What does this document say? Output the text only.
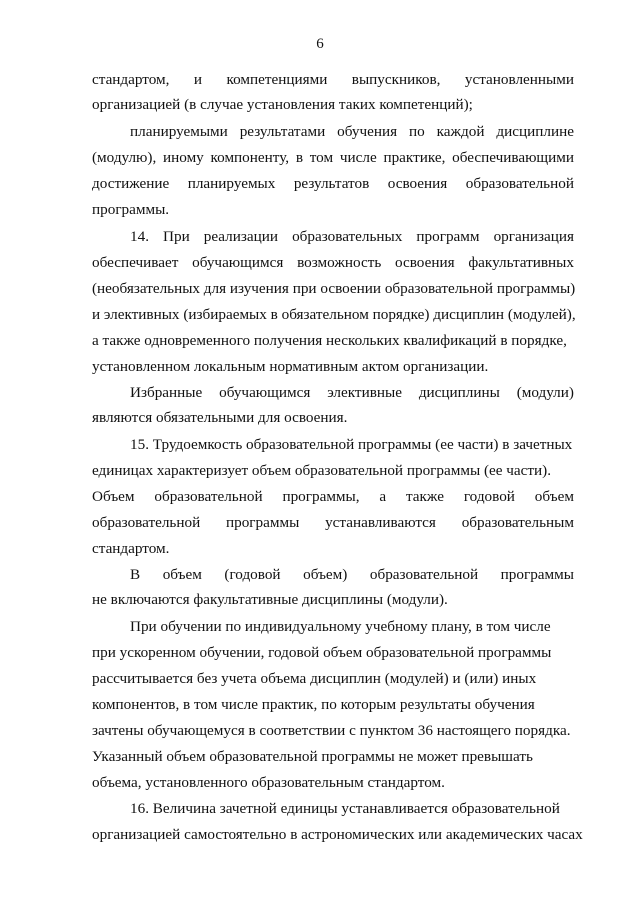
6
стандартом, и компетенциями выпускников, установленными
организацией (в случае установления таких компетенций);
планируемыми результатами обучения по каждой дисциплине
(модулю), иному компоненту, в том числе практике, обеспечивающими
достижение планируемых результатов освоения образовательной
программы.
14. При реализации образовательных программ организация
обеспечивает обучающимся возможность освоения факультативных
(необязательных для изучения при освоении образовательной программы)
и элективных (избираемых в обязательном порядке) дисциплин (модулей),
а также одновременного получения нескольких квалификаций в порядке,
установленном локальным нормативным актом организации.
Избранные обучающимся элективные дисциплины (модули)
являются обязательными для освоения.
15. Трудоемкость образовательной программы (ее части) в зачетных
единицах характеризует объем образовательной программы (ее части).
Объем образовательной программы, а также годовой объем
образовательной программы устанавливаются образовательным
стандартом.
В объем (годовой объем) образовательной программы
не включаются факультативные дисциплины (модули).
При обучении по индивидуальному учебному плану, в том числе
при ускоренном обучении, годовой объем образовательной программы
рассчитывается без учета объема дисциплин (модулей) и (или) иных
компонентов, в том числе практик, по которым результаты обучения
зачтены обучающемуся в соответствии с пунктом 36 настоящего порядка.
Указанный объем образовательной программы не может превышать
объема, установленного образовательным стандартом.
16. Величина зачетной единицы устанавливается образовательной
организацией самостоятельно в астрономических или академических часах
